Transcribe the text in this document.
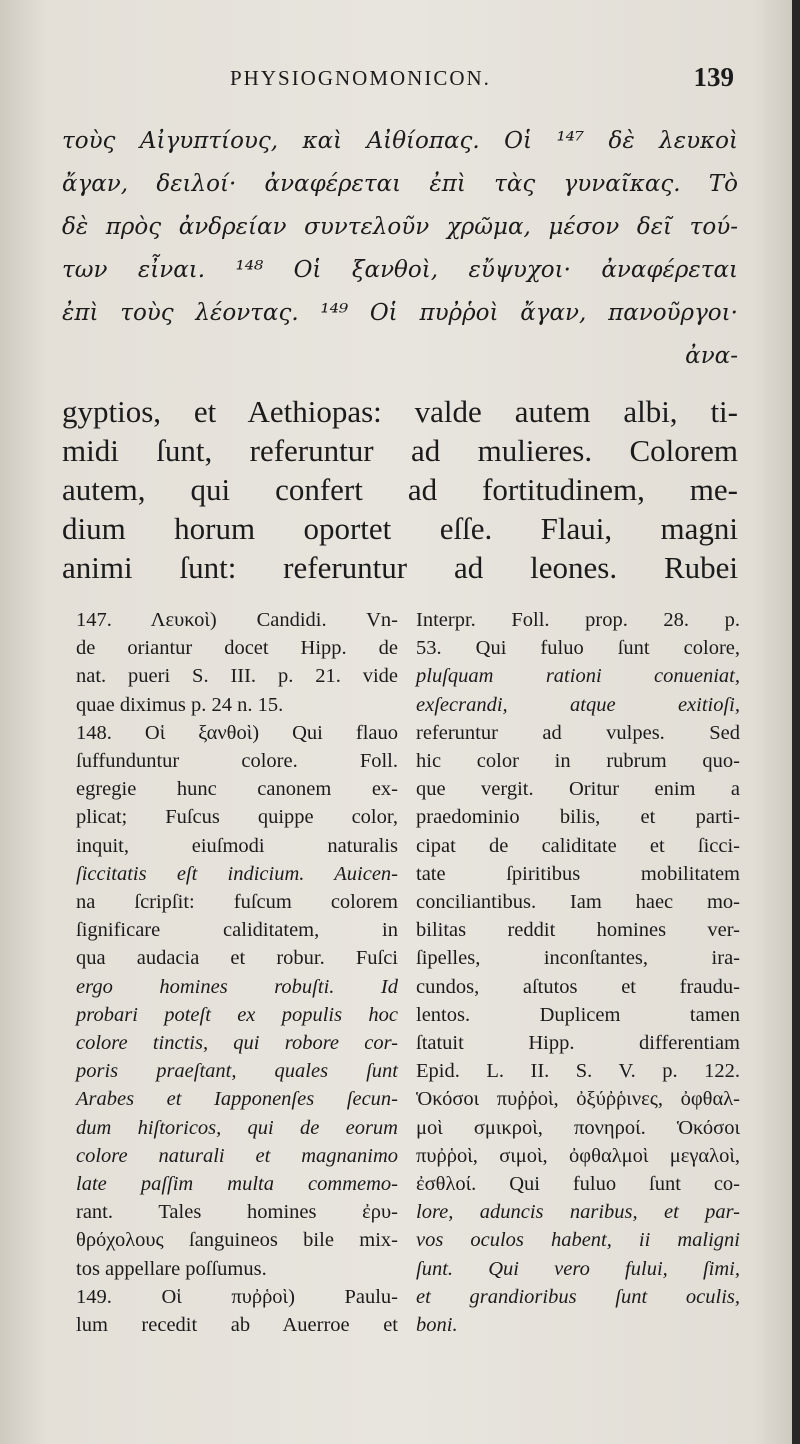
PHYSIOGNOMONICON.	139
τοὺς Αἰγυπτίους, καὶ Αἰθίοπας. Οἱ ¹⁴⁷ δὲ λευκοὶ
ἄγαν, δειλοί· ἀναφέρεται ἐπὶ τὰς γυναῖκας. Τὸ
δὲ πρὸς ἀνδρείαν συντελοῦν χρῶμα, μέσον δεῖ τού-
των εἶναι. ¹⁴⁸ Οἱ ξανθοὶ, εὔψυχοι· ἀναφέρεται
ἐπὶ τοὺς λέοντας. ¹⁴⁹ Οἱ πυῤῥοὶ ἄγαν, πανοῦργοι·
ἀνα-
gyptios, et Aethiopas: valde autem albi, ti-
midi ſunt, referuntur ad mulieres. Colorem
autem, qui confert ad fortitudinem, me-
dium horum oportet eſſe. Flaui, magni
animi ſunt: referuntur ad leones. Rubei
147. Λευκοὶ) Candidi. Vn-
de oriantur docet Hipp. de
nat. pueri S. III. p. 21. vide
quae diximus p. 24 n. 15.
148. Οἱ ξανθοὶ) Qui flauo
ſuffunduntur colore. Foll.
egregie hunc canonem ex-
plicat; Fuſcus quippe color,
inquit, eiuſmodi naturalis
ſiccitatis eſt indicium. Auicen-
na ſcripſit: fuſcum colorem
ſignificare caliditatem, in
qua audacia et robur. Fuſci
ergo homines robuſti. Id
probari poteſt ex populis hoc
colore tinctis, qui robore cor-
poris praeſtant, quales ſunt
Arabes et Iapponenſes ſecun-
dum hiſtoricos, qui de eorum
colore naturali et magnanimo
late paſſim multa commemo-
rant. Tales homines ἐρυ-
θρόχολους ſanguineos bile mix-
tos appellare poſſumus.
149. Οἱ πυῤῥοὶ) Paulu-
lum recedit ab Auerroe et
Interpr. Foll. prop. 28. p.
53. Qui fuluo ſunt colore,
pluſquam rationi conueniat,
exſecrandi, atque exitioſi,
referuntur ad vulpes. Sed
hic color in rubrum quo-
que vergit. Oritur enim a
praedominio bilis, et parti-
cipat de caliditate et ſicci-
tate ſpiritibus mobilitatem
conciliantibus. Iam haec mo-
bilitas reddit homines ver-
ſipelles, inconſtantes, ira-
cundos, aſtutos et fraudu-
lentos. Duplicem tamen
ſtatuit Hipp. differentiam
Epid. L. II. S. V. p. 122.
Ὁκόσοι πυῤῥοὶ, ὀξύῤῥινες, ὀφθαλ-
μοὶ σμικροὶ, πονηροί. Ὁκόσοι
πυῤῥοὶ, σιμοὶ, ὀφθαλμοὶ μεγαλοὶ,
ἐσθλοί. Qui fuluo ſunt co-
lore, aduncis naribus, et par-
vos oculos habent, ii maligni
ſunt. Qui vero fului, ſimi,
et grandioribus ſunt oculis,
boni.
